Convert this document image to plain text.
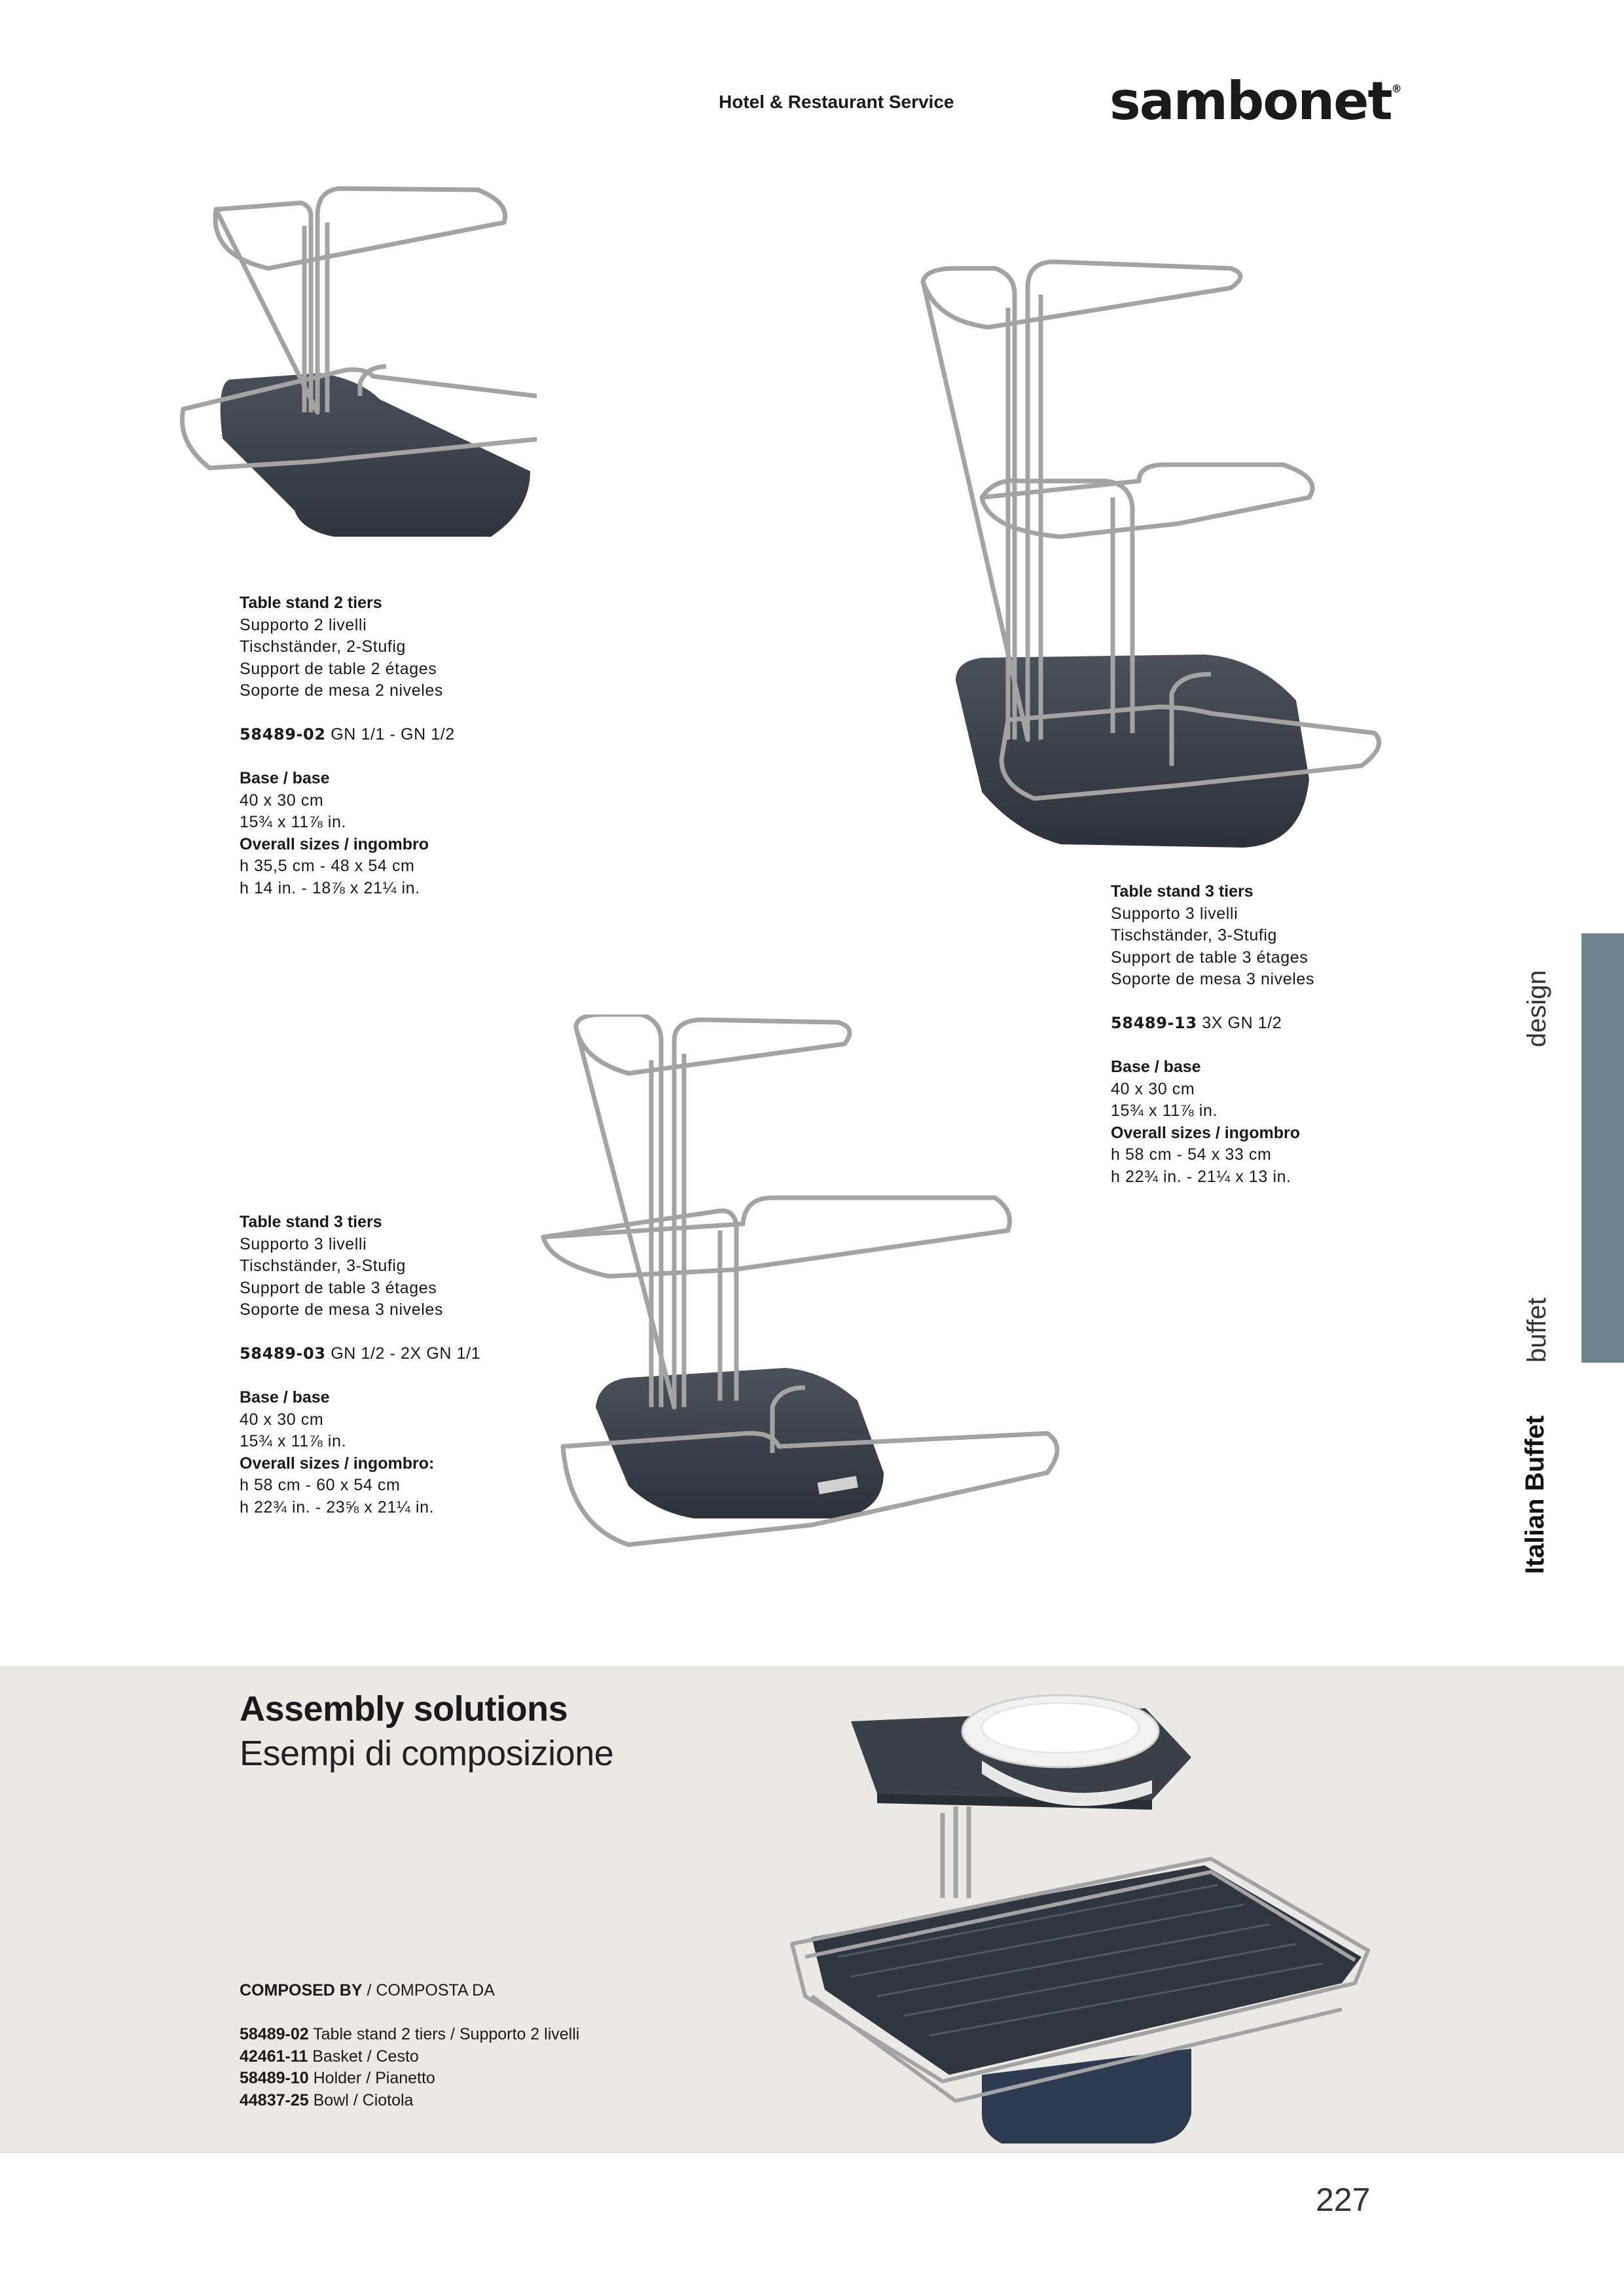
Hotel & Restaurant Service	sambonet®
Table stand 2 tiers
Supporto 2 livelli
Tischständer, 2-Stufig
Support de table 2 étages
Soporte de mesa 2 niveles
58489-02 GN 1/1 - GN 1/2
Base / base
40 x 30 cm
15¾ x 11⅞ in.
Overall sizes / ingombro
h 35,5 cm - 48 x 54 cm
h 14 in. - 18⅞ x 21¼ in.	Table stand 3 tiers
Supporto 3 livelli
Tischständer, 3-Stufig
Support de table 3 étages
Soporte de mesa 3 niveles
58489-13 3X GN 1/2
Base / base
40 x 30 cm
15¾ x 11⅞ in.
Overall sizes / ingombro
h 58 cm - 54 x 33 cm
h 22¾ in. - 21¼ x 13 in.
Table stand 3 tiers
Supporto 3 livelli
Tischständer, 3-Stufig
Support de table 3 étages
Soporte de mesa 3 niveles
58489-03 GN 1/2 - 2X GN 1/1
Base / base
40 x 30 cm
15¾ x 11⅞ in.
Overall sizes / ingombro:
h 58 cm - 60 x 54 cm
h 22¾ in. - 23⅝ x 21¼ in.
design
buffet
Italian Buffet
Assembly solutions
Esempi di composizione
COMPOSED BY / COMPOSTA DA
58489-02 Table stand 2 tiers / Supporto 2 livelli
42461-11 Basket / Cesto
58489-10 Holder / Pianetto
44837-25 Bowl / Ciotola
227
